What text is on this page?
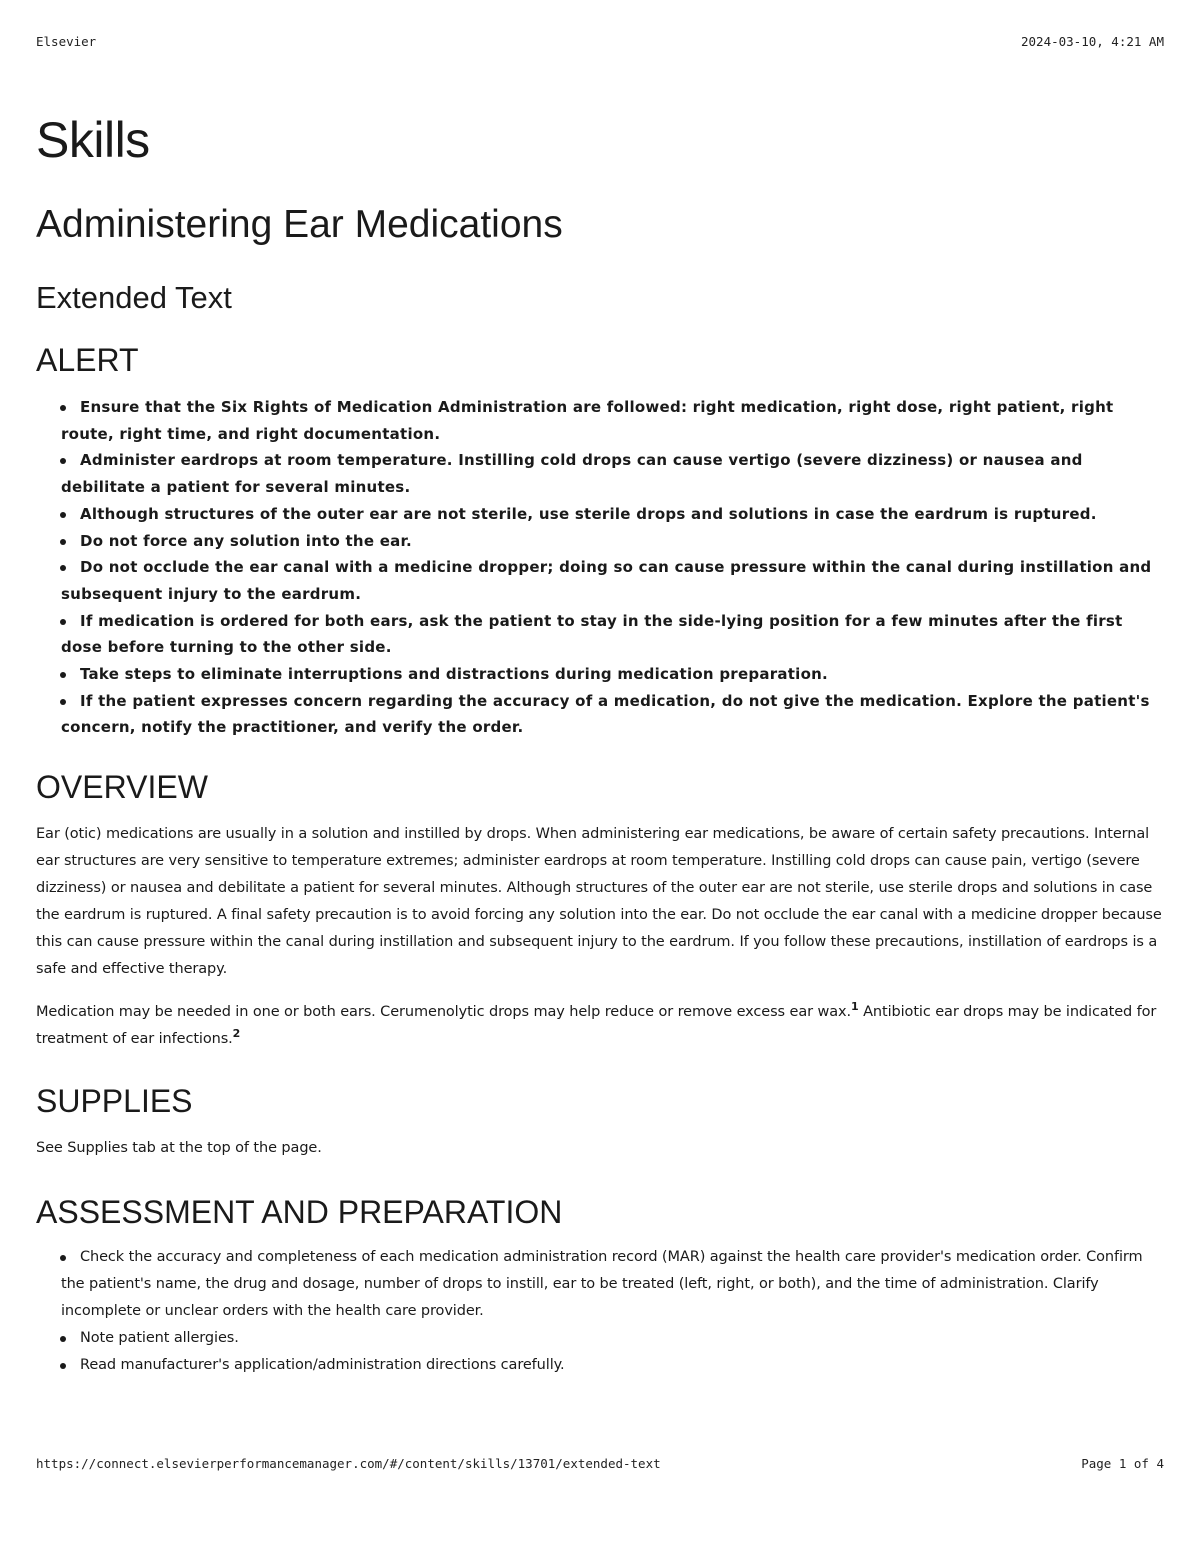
Elsevier	2024-03-10, 4:21 AM
Skills
Administering Ear Medications
Extended Text
ALERT
Ensure that the Six Rights of Medication Administration are followed: right medication, right dose, right patient, right route, right time, and right documentation.
Administer eardrops at room temperature. Instilling cold drops can cause vertigo (severe dizziness) or nausea and debilitate a patient for several minutes.
Although structures of the outer ear are not sterile, use sterile drops and solutions in case the eardrum is ruptured.
Do not force any solution into the ear.
Do not occlude the ear canal with a medicine dropper; doing so can cause pressure within the canal during instillation and subsequent injury to the eardrum.
If medication is ordered for both ears, ask the patient to stay in the side-lying position for a few minutes after the first dose before turning to the other side.
Take steps to eliminate interruptions and distractions during medication preparation.
If the patient expresses concern regarding the accuracy of a medication, do not give the medication. Explore the patient's concern, notify the practitioner, and verify the order.
OVERVIEW

Ear (otic) medications are usually in a solution and instilled by drops. When administering ear medications, be aware of certain safety precautions. Internal ear structures are very sensitive to temperature extremes; administer eardrops at room temperature. Instilling cold drops can cause pain, vertigo (severe dizziness) or nausea and debilitate a patient for several minutes. Although structures of the outer ear are not sterile, use sterile drops and solutions in case the eardrum is ruptured. A final safety precaution is to avoid forcing any solution into the ear. Do not occlude the ear canal with a medicine dropper because this can cause pressure within the canal during instillation and subsequent injury to the eardrum. If you follow these precautions, instillation of eardrops is a safe and effective therapy.

Medication may be needed in one or both ears. Cerumenolytic drops may help reduce or remove excess ear wax.$^1$ Antibiotic ear drops may be indicated for treatment of ear infections.$^2$

SUPPLIES

See Supplies tab at the top of the page.

ASSESSMENT AND PREPARATION
Check the accuracy and completeness of each medication administration record (MAR) against the health care provider's medication order. Confirm the patient's name, the drug and dosage, number of drops to instill, ear to be treated (left, right, or both), and the time of administration. Clarify incomplete or unclear orders with the health care provider.
Note patient allergies.
Read manufacturer's application/administration directions carefully.
https://connect.elsevierperformancemanager.com/#/content/skills/13701/extended-text	Page 1 of 4
